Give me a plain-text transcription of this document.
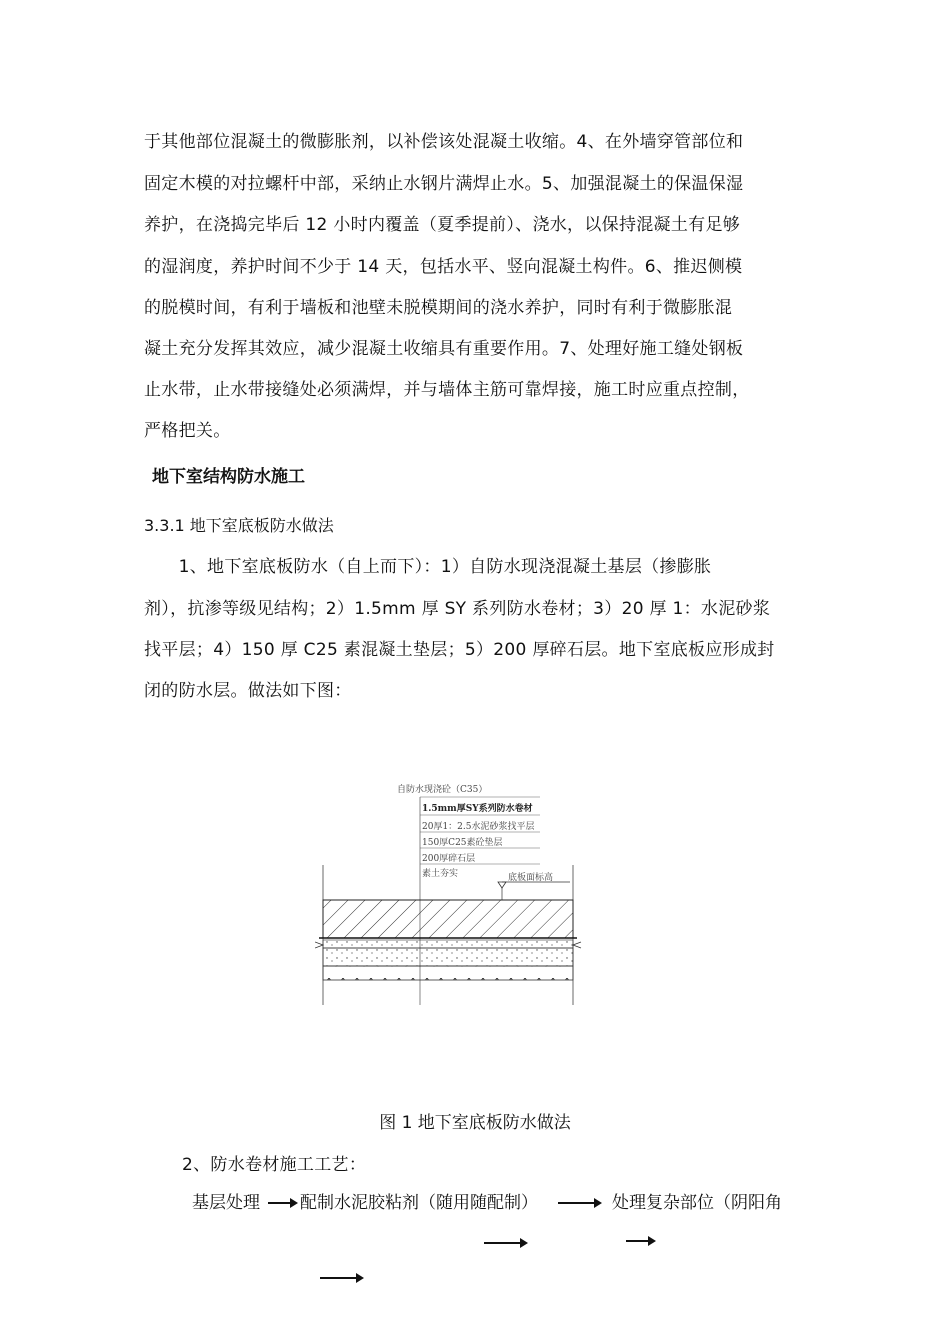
于其他部位混凝土的微膨胀剂，以补偿该处混凝土收缩。4、在外墙穿管部位和
固定木模的对拉螺杆中部，采纳止水钢片满焊止水。5、加强混凝土的保温保湿
养护，在浇捣完毕后 12 小时内覆盖（夏季提前）、浇水，以保持混凝土有足够
的湿润度，养护时间不少于 14 天，包括水平、竖向混凝土构件。6、推迟侧模
的脱模时间，有利于墙板和池壁未脱模期间的浇水养护，同时有利于微膨胀混
凝土充分发挥其效应，减少混凝土收缩具有重要作用。7、处理好施工缝处钢板
止水带，止水带接缝处必须满焊，并与墙体主筋可靠焊接，施工时应重点控制，
严格把关。
地下室结构防水施工
3.3.1 地下室底板防水做法
　　1、地下室底板防水（自上而下）：1）自防水现浇混凝土基层（掺膨胀
剂），抗渗等级见结构；2）1.5mm 厚 SY 系列防水卷材；3）20 厚 1：水泥砂浆
找平层；4）150 厚 C25 素混凝土垫层；5）200 厚碎石层。地下室底板应形成封
闭的防水层。做法如下图：
自防水现浇砼（C35）
1.5mm厚SY系列防水卷材
20厚1：2.5水泥砂浆找平层
150厚C25素砼垫层
200厚碎石层
素土夯实	底板面标高
图 1 地下室底板防水做法
2、防水卷材施工工艺：
基层处理 配制水泥胶粘剂（随用随配制）	处理复杂部位（阴阳角
